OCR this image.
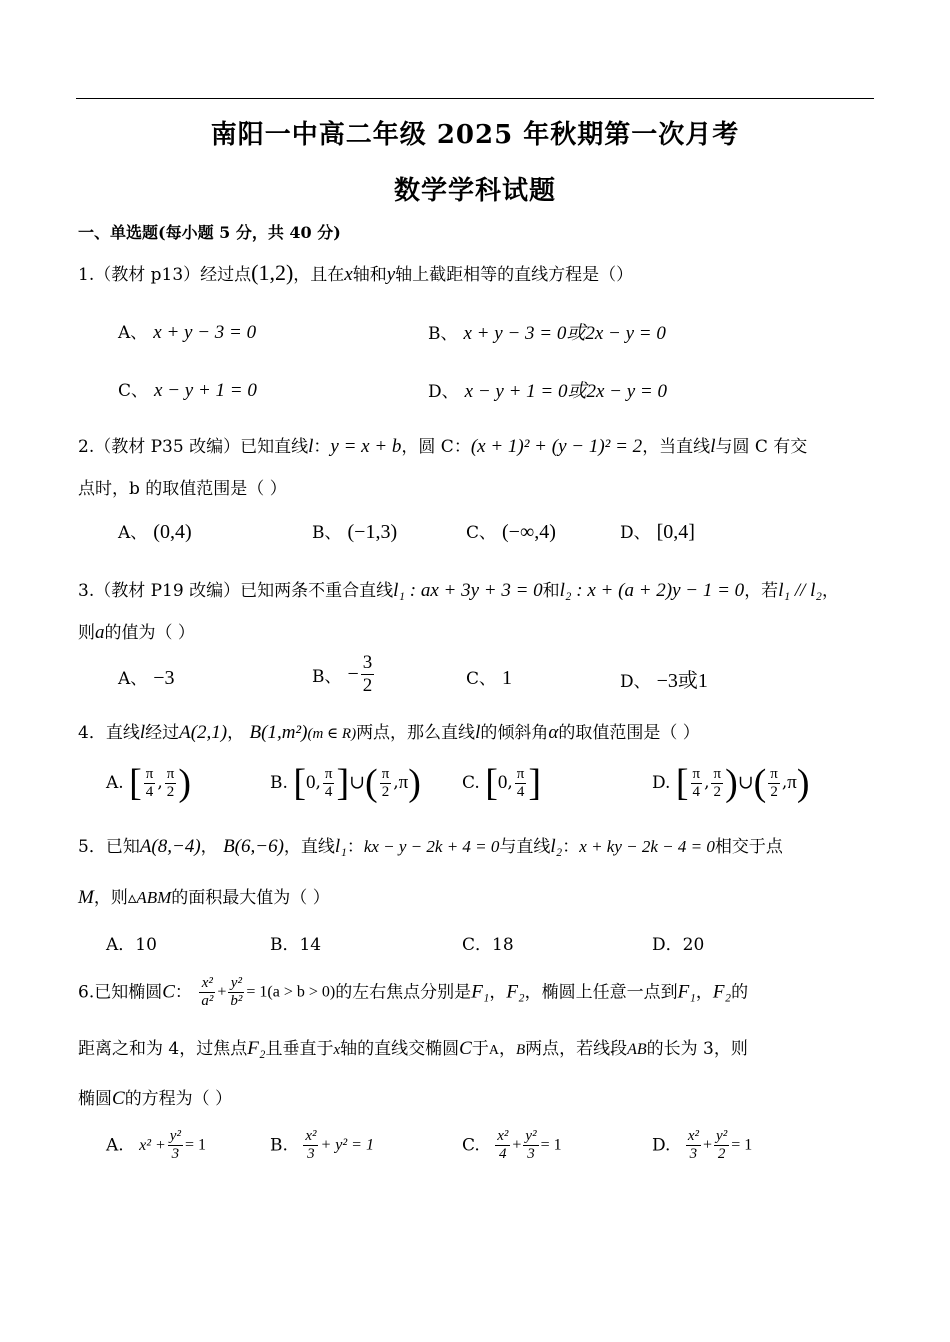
南阳一中高二年级 2025 年秋期第一次月考
数学学科试题
一、单选题(每小题 5 分，共 40 分)
1.（教材 p13）经过点(1,2)，且在x轴和y轴上截距相等的直线方程是（）
A、 x + y − 3 = 0	B、 x + y − 3 = 0或2x − y = 0
C、 x − y + 1 = 0	D、 x − y + 1 = 0或2x − y = 0
2.（教材 P35 改编）已知直线l：y = x + b，圆 C：(x + 1)² + (y − 1)² = 2，当直线l与圆 C 有交
点时，b 的取值范围是（ ）
A、 (0,4)	B、 (−1,3)	C、 (−∞,4)	D、 [0,4]
3.（教材 P19 改编）已知两条不重合直线l₁ : ax + 3y + 3 = 0和l₂ : x + (a + 2)y − 1 = 0，若l₁ // l₂，
则a的值为（ ）
A、 −3	B、 − $\frac{3}{2}$	C、 1	D、 −3或1
4．直线l经过A(2,1)， B(1,m²)(m ∈ R)两点，那么直线l的倾斜角α的取值范围是（ ）
A. [ $\frac{\pi}{4}$ , $\frac{\pi}{2}$ )	B. [0, $\frac{\pi}{4}$ ]∪( $\frac{\pi}{2} ,\pi$) C. [0, $\frac{\pi}{4}$ ]	D. [ $\frac{\pi}{4}$ , $\frac{\pi}{2}$ )∪( $\frac{\pi}{2} ,\pi$)
5．已知A(8,−4)， B(6,−6)，直线l₁：kx − y − 2k + 4 = 0与直线l₂：x + ky − 2k − 4 = 0相交于点
M，则▵ABM的面积最大值为（ ）
A．10	B．14	C．18	D．20
6.已知椭圆C： $\frac{\text{x²}}{\text{a²}} + \frac{\text{y²}}{\text{b²}} = 1(a > b > 0)$的左右焦点分别是F₁，F₂，椭圆上任意一点到F₁，F₂的
距离之和为 4，过焦点F₂且垂直于x轴的直线交椭圆C于A，B两点，若线段AB的长为 3，则
椭圆C的方程为（ ）
A. $x^2 + \frac{\text{y²}}{3} = 1$	B. $\frac{\text{x²}}{3} + y^2 = 1$	C. $\frac{\text{x²}}{4} + \frac{\text{y²}}{3} = 1$	D. $\frac{\text{x²}}{3} + \frac{\text{y²}}{2} = 1$
